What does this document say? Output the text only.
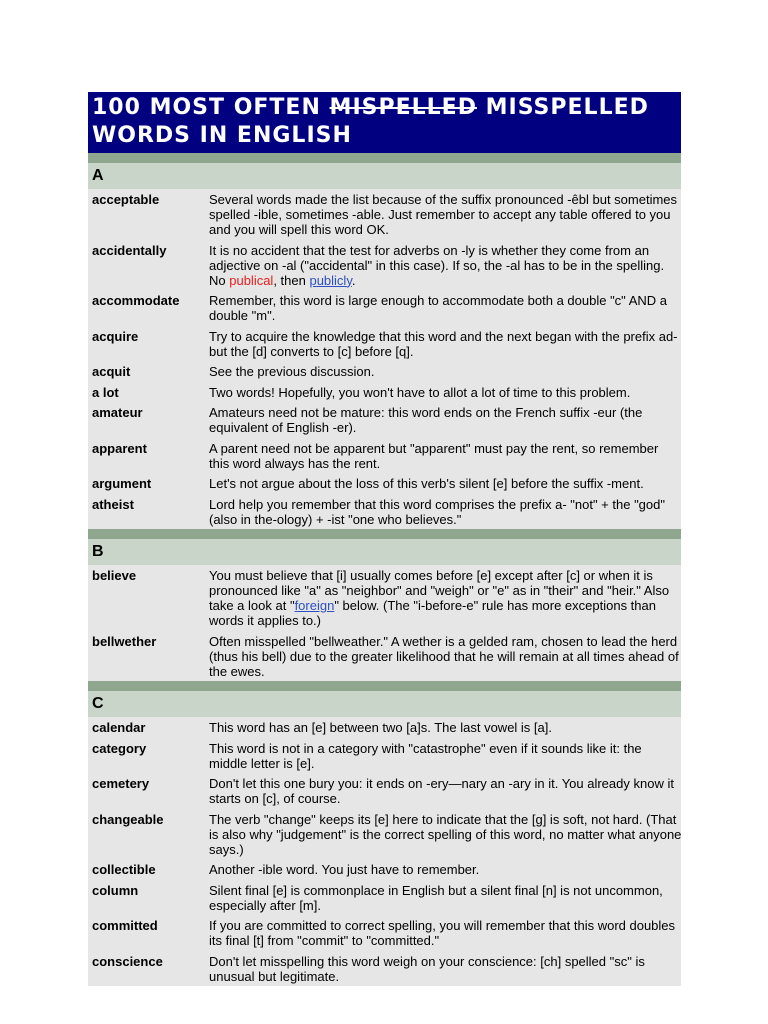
100 MOST OFTEN MISPELLED MISSPELLED
WORDS IN ENGLISH
A
acceptable	Several words made the list because of the suffix pronounced -êbl but sometimes
spelled -ible, sometimes -able. Just remember to accept any table offered to you
and you will spell this word OK.
accidentally	It is no accident that the test for adverbs on -ly is whether they come from an
adjective on -al ("accidental" in this case). If so, the -al has to be in the spelling.
No publical, then publicly.
accommodate	Remember, this word is large enough to accommodate both a double "c" AND a
double "m".
acquire	Try to acquire the knowledge that this word and the next began with the prefix ad-
but the [d] converts to [c] before [q].
acquit	See the previous discussion.
a lot	Two words! Hopefully, you won't have to allot a lot of time to this problem.
amateur	Amateurs need not be mature: this word ends on the French suffix -eur (the
equivalent of English -er).
apparent	A parent need not be apparent but "apparent" must pay the rent, so remember
this word always has the rent.
argument	Let's not argue about the loss of this verb's silent [e] before the suffix -ment.
atheist	Lord help you remember that this word comprises the prefix a- "not" + the "god"
(also in the-ology) + -ist "one who believes."
B
believe	You must believe that [i] usually comes before [e] except after [c] or when it is
pronounced like "a" as "neighbor" and "weigh" or "e" as in "their" and "heir." Also
take a look at "foreign" below. (The "i-before-e" rule has more exceptions than
words it applies to.)
bellwether	Often misspelled "bellweather." A wether is a gelded ram, chosen to lead the herd
(thus his bell) due to the greater likelihood that he will remain at all times ahead of
the ewes.
C
calendar	This word has an [e] between two [a]s. The last vowel is [a].
category	This word is not in a category with "catastrophe" even if it sounds like it: the
middle letter is [e].
cemetery	Don't let this one bury you: it ends on -ery—nary an -ary in it. You already know it
starts on [c], of course.
changeable	The verb "change" keeps its [e] here to indicate that the [g] is soft, not hard. (That
is also why "judgement" is the correct spelling of this word, no matter what anyone
says.)
collectible	Another -ible word. You just have to remember.
column	Silent final [e] is commonplace in English but a silent final [n] is not uncommon,
especially after [m].
committed	If you are committed to correct spelling, you will remember that this word doubles
its final [t] from "commit" to "committed."
conscience	Don't let misspelling this word weigh on your conscience: [ch] spelled "sc" is
unusual but legitimate.
